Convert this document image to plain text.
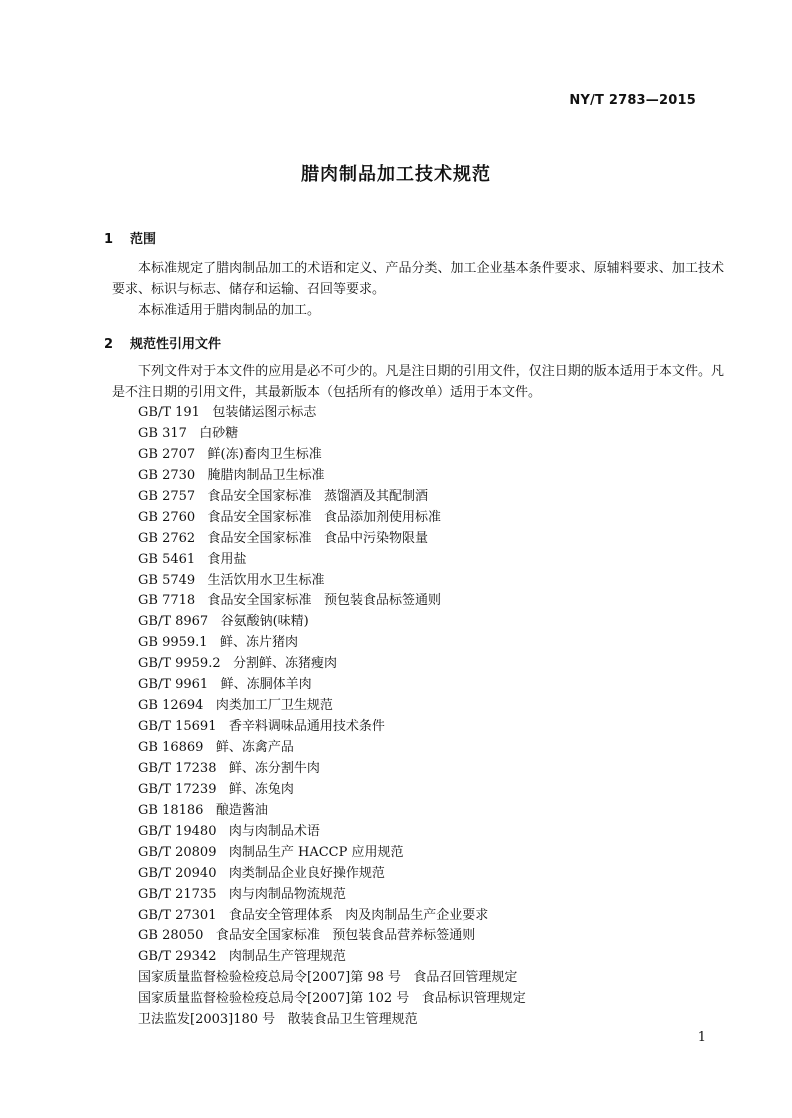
NY/T 2783—2015
腊肉制品加工技术规范
1 范围
本标准规定了腊肉制品加工的术语和定义、产品分类、加工企业基本条件要求、原辅料要求、加工技术要求、标识与标志、储存和运输、召回等要求。
本标准适用于腊肉制品的加工。
2 规范性引用文件
下列文件对于本文件的应用是必不可少的。凡是注日期的引用文件，仅注日期的版本适用于本文件。凡是不注日期的引用文件，其最新版本（包括所有的修改单）适用于本文件。
GB/T 191   包装储运图示标志
GB 317   白砂糖
GB 2707   鲜(冻)畜肉卫生标准
GB 2730   腌腊肉制品卫生标准
GB 2757   食品安全国家标准   蒸馏酒及其配制酒
GB 2760   食品安全国家标准   食品添加剂使用标准
GB 2762   食品安全国家标准   食品中污染物限量
GB 5461   食用盐
GB 5749   生活饮用水卫生标准
GB 7718   食品安全国家标准   预包装食品标签通则
GB/T 8967   谷氨酸钠(味精)
GB 9959.1   鲜、冻片猪肉
GB/T 9959.2   分割鲜、冻猪瘦肉
GB/T 9961   鲜、冻胴体羊肉
GB 12694   肉类加工厂卫生规范
GB/T 15691   香辛料调味品通用技术条件
GB 16869   鲜、冻禽产品
GB/T 17238   鲜、冻分割牛肉
GB/T 17239   鲜、冻兔肉
GB 18186   酿造酱油
GB/T 19480   肉与肉制品术语
GB/T 20809   肉制品生产 HACCP 应用规范
GB/T 20940   肉类制品企业良好操作规范
GB/T 21735   肉与肉制品物流规范
GB/T 27301   食品安全管理体系   肉及肉制品生产企业要求
GB 28050   食品安全国家标准   预包装食品营养标签通则
GB/T 29342   肉制品生产管理规范
国家质量监督检验检疫总局令[2007]第 98 号   食品召回管理规定
国家质量监督检验检疫总局令[2007]第 102 号   食品标识管理规定
卫法监发[2003]180 号   散装食品卫生管理规范
1
